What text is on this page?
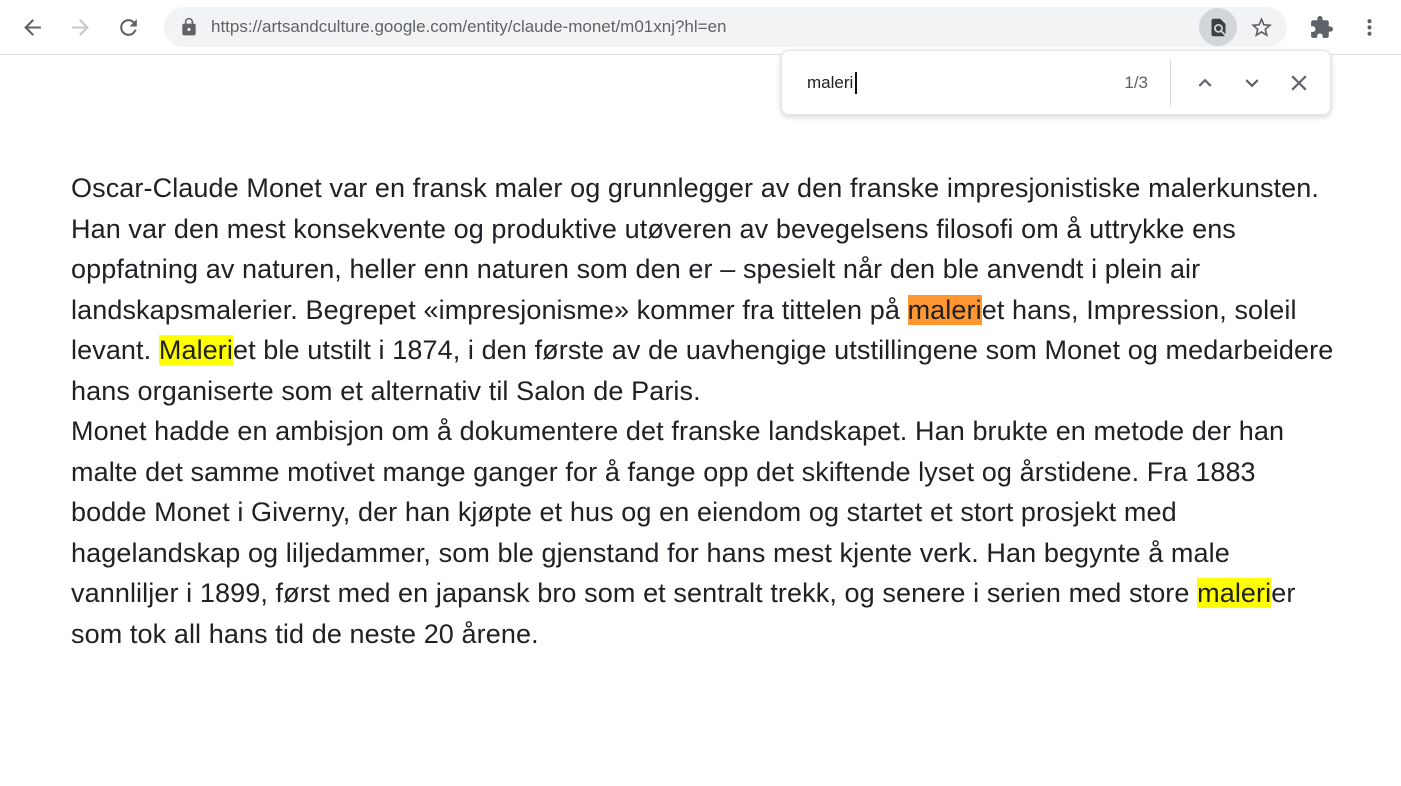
https://artsandculture.google.com/entity/claude-monet/m01xnj?hl=en
maleri	1/3

Oscar-Claude Monet var en fransk maler og grunnlegger av den franske impresjonistiske malerkunsten. Han var den mest konsekvente og produktive utøveren av bevegelsens filosofi om å uttrykke ens oppfatning av naturen, heller enn naturen som den er – spesielt når den ble anvendt i plein air landskapsmalerier. Begrepet «impresjonisme» kommer fra tittelen på maleriet hans, Impression, soleil levant. Maleriet ble utstilt i 1874, i den første av de uavhengige utstillingene som Monet og medarbeidere hans organiserte som et alternativ til Salon de Paris.

Monet hadde en ambisjon om å dokumentere det franske landskapet. Han brukte en metode der han malte det samme motivet mange ganger for å fange opp det skiftende lyset og årstidene. Fra 1883 bodde Monet i Giverny, der han kjøpte et hus og en eiendom og startet et stort prosjekt med hagelandskap og liljedammer, som ble gjenstand for hans mest kjente verk. Han begynte å male vannliljer i 1899, først med en japansk bro som et sentralt trekk, og senere i serien med store malerier som tok all hans tid de neste 20 årene.
